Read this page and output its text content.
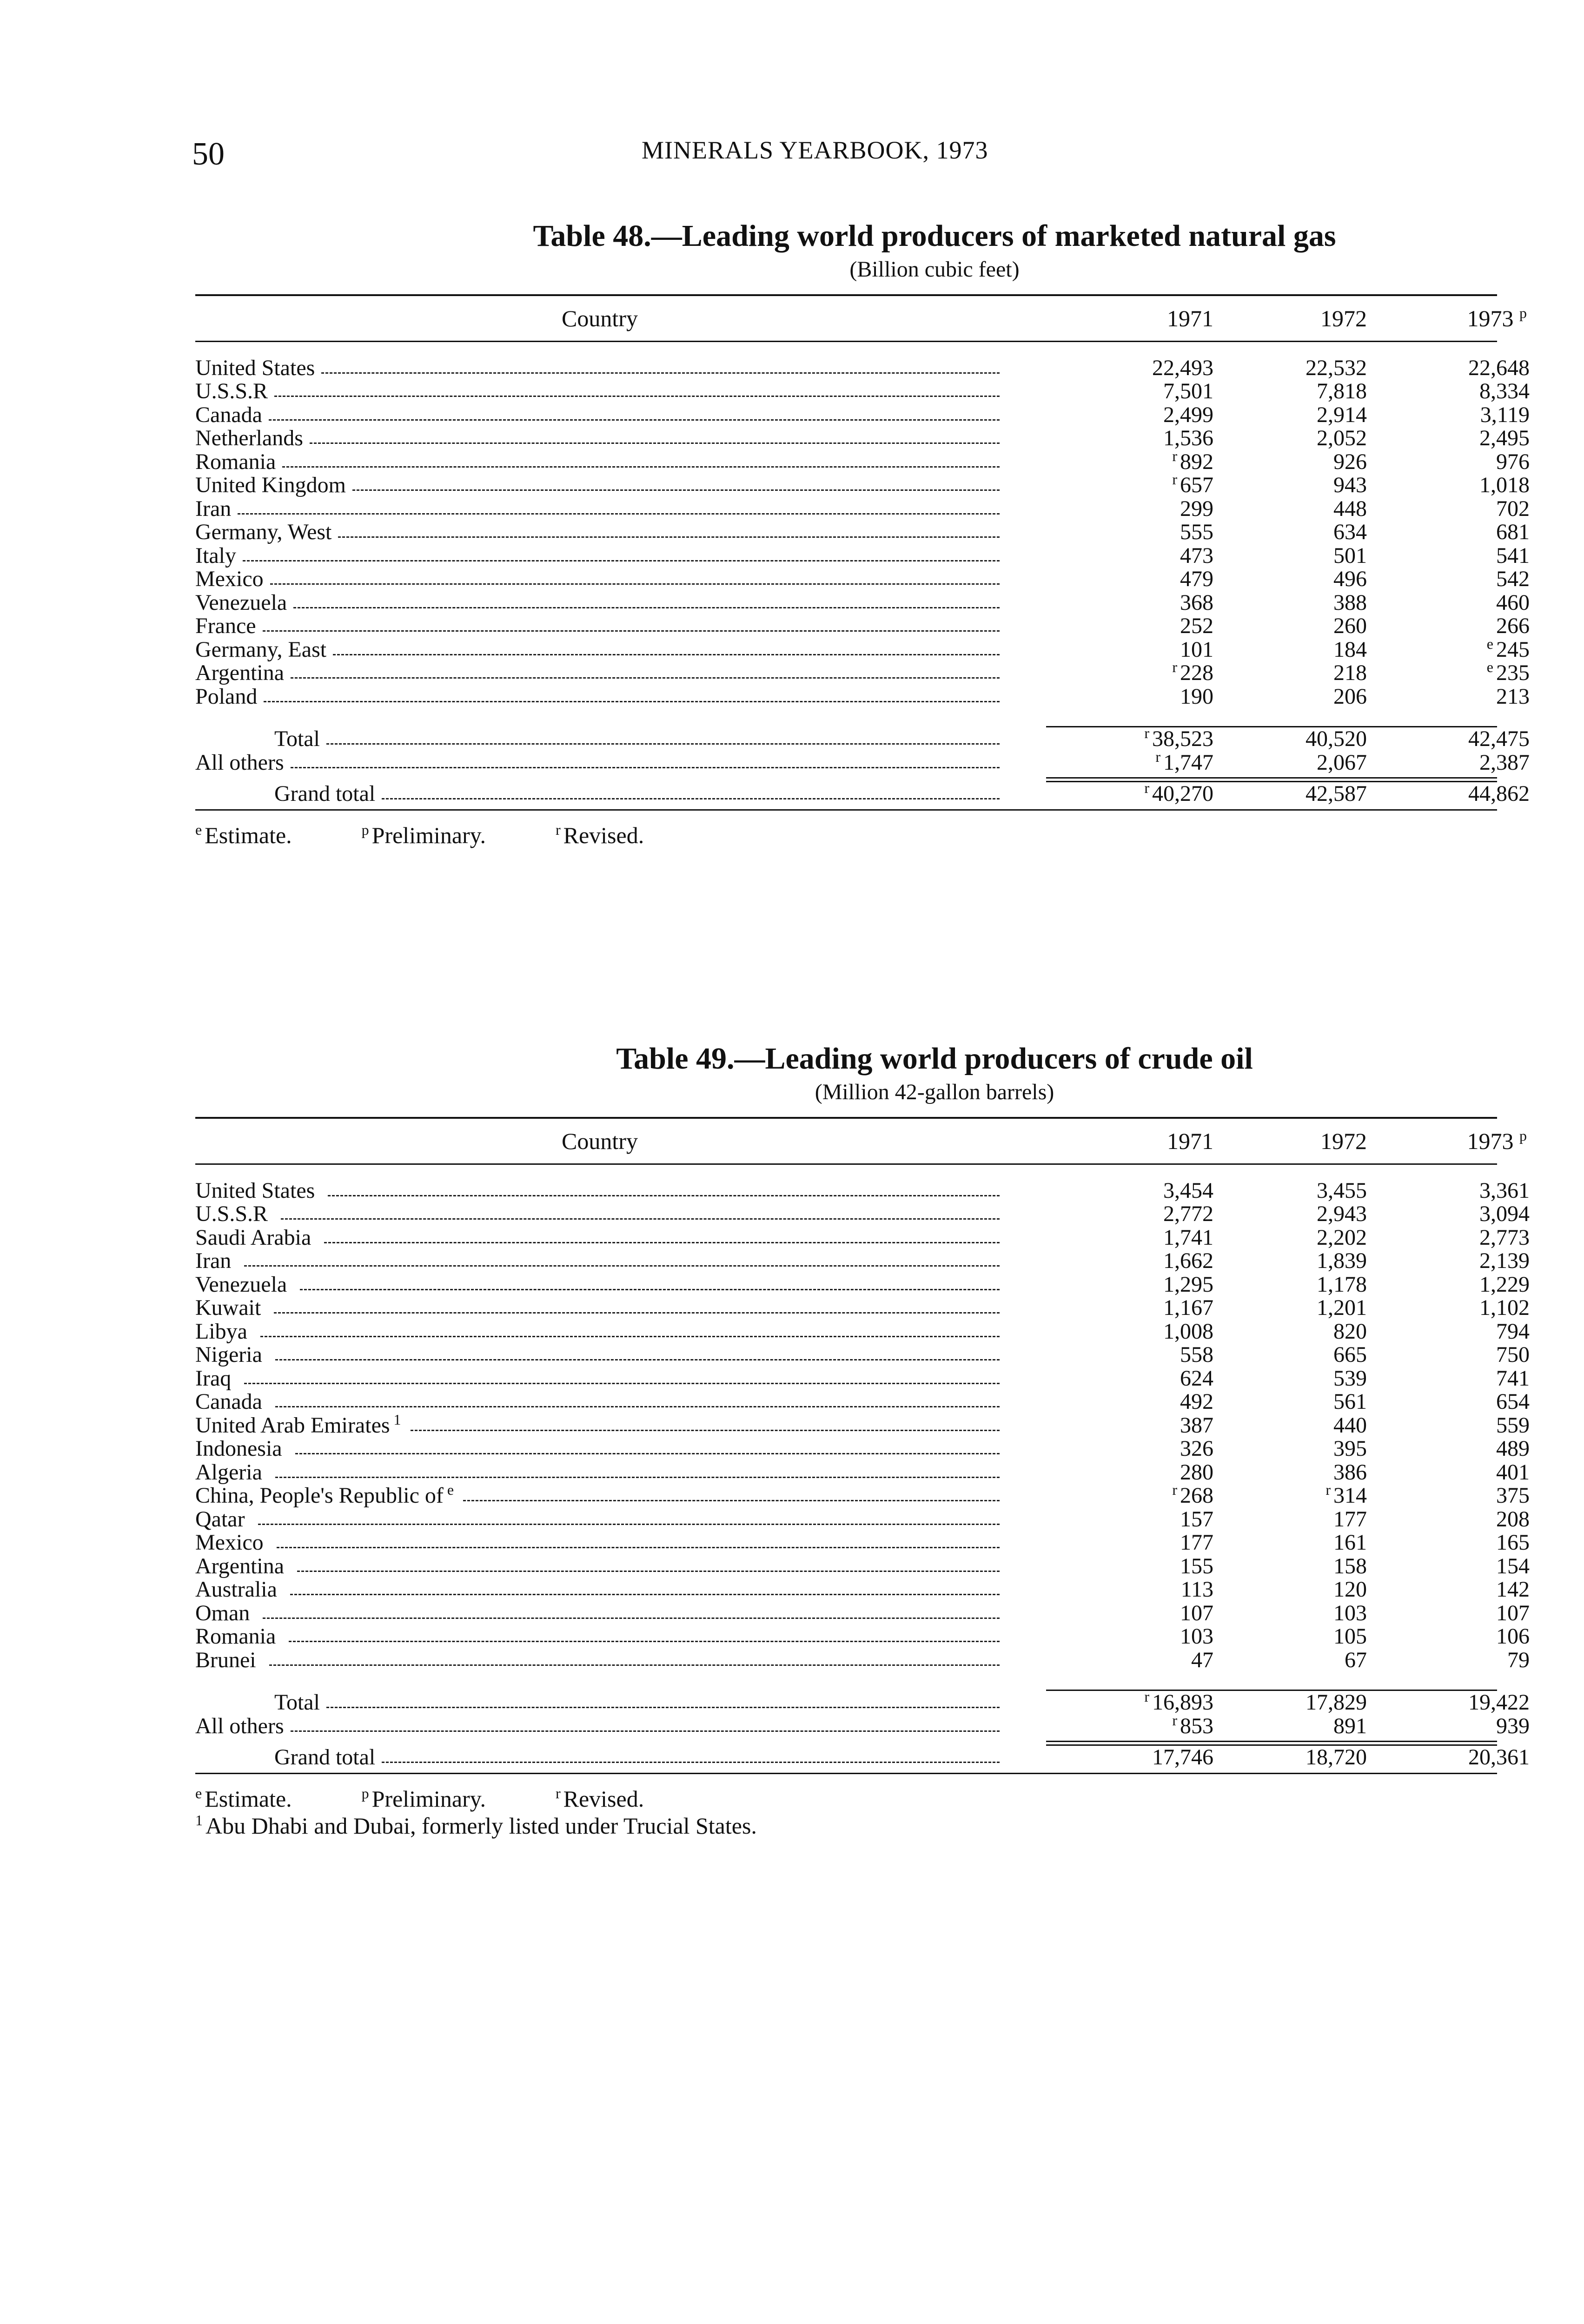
50	MINERALS YEARBOOK, 1973
Table 48.—Leading world producers of marketed natural gas
(Billion cubic feet)
Country	1971	1972	1973 $^p$
United States	22,493	22,532	22,648
U.S.S.R	7,501	7,818	8,334
Canada	2,499	2,914	3,119
Netherlands	1,536	2,052	2,495
Romania	$^r$ 892	926	976
United Kingdom	$^r$ 657	943	1,018
Iran	299	448	702
Germany, West	555	634	681
Italy	473	501	541
Mexico	479	496	542
Venezuela	368	388	460
France	252	260	266
Germany, East	101	184	$^e$ 245
Argentina	$^r$ 228	218	$^e$ 235
Poland	190	206	213
Total	$^r$ 38,523	40,520	42,475
All others	$^r$ 1,747	2,067	2,387
Grand total	$^r$ 40,270	42,587	44,862
$^e$ Estimate.	$^p$ Preliminary.	$^r$ Revised.
Table 49.—Leading world producers of crude oil
(Million 42-gallon barrels)
Country	1971	1972	1973 $^p$
United States	3,454	3,455	3,361
U.S.S.R	2,772	2,943	3,094
Saudi Arabia	1,741	2,202	2,773
Iran	1,662	1,839	2,139
Venezuela	1,295	1,178	1,229
Kuwait	1,167	1,201	1,102
Libya	1,008	820	794
Nigeria	558	665	750
Iraq	624	539	741
Canada	492	561	654
United Arab Emirates $^1$	387	440	559
Indonesia	326	395	489
Algeria	280	386	401
China, People's Republic of $^e$	$^r$ 268	$^r$ 314	375
Qatar	157	177	208
Mexico	177	161	165
Argentina	155	158	154
Australia	113	120	142
Oman	107	103	107
Romania	103	105	106
Brunei	47	67	79
Total	$^r$ 16,893	17,829	19,422
All others	$^r$ 853	891	939
Grand total	17,746	18,720	20,361
$^e$ Estimate.	$^p$ Preliminary.	$^r$ Revised.
$^1$ Abu Dhabi and Dubai, formerly listed under Trucial States.
